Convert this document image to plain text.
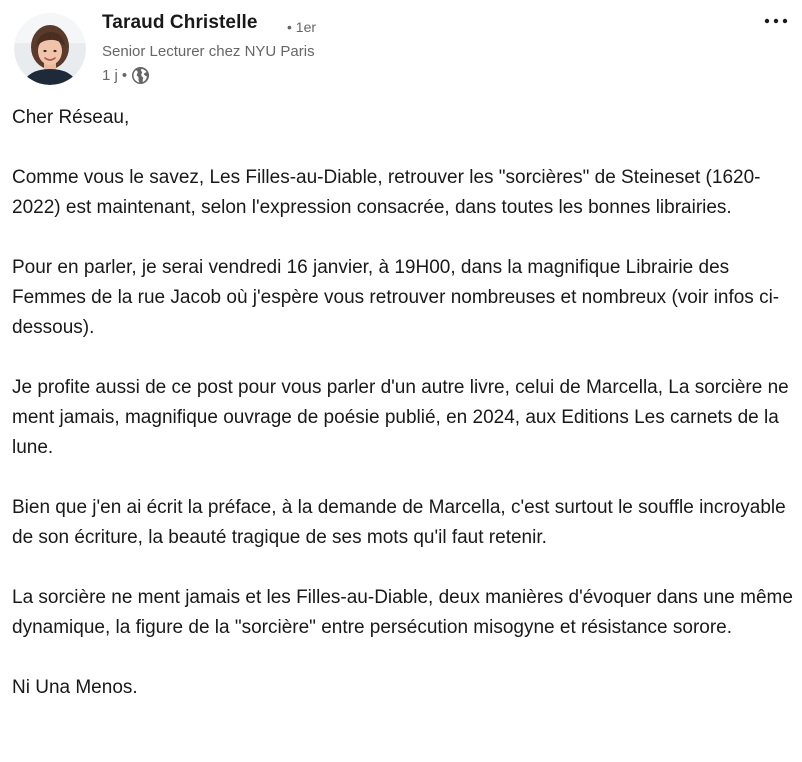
Taraud Christelle • 1er
Senior Lecturer chez NYU Paris
1 j •

Cher Réseau,

Comme vous le savez, Les Filles-au-Diable, retrouver les "sorcières" de Steineset (1620-2022) est maintenant, selon l'expression consacrée, dans toutes les bonnes librairies.

Pour en parler, je serai vendredi 16 janvier, à 19H00, dans la magnifique Librairie des Femmes de la rue Jacob où j'espère vous retrouver nombreuses et nombreux (voir infos ci-dessous).

Je profite aussi de ce post pour vous parler d'un autre livre, celui de Marcella, La sorcière ne ment jamais, magnifique ouvrage de poésie publié, en 2024, aux Editions Les carnets de la lune.

Bien que j'en ai écrit la préface, à la demande de Marcella, c'est surtout le souffle incroyable de son écriture, la beauté tragique de ses mots qu'il faut retenir.

La sorcière ne ment jamais et les Filles-au-Diable, deux manières d'évoquer dans une même dynamique, la figure de la "sorcière" entre persécution misogyne et résistance sorore.

Ni Una Menos.
